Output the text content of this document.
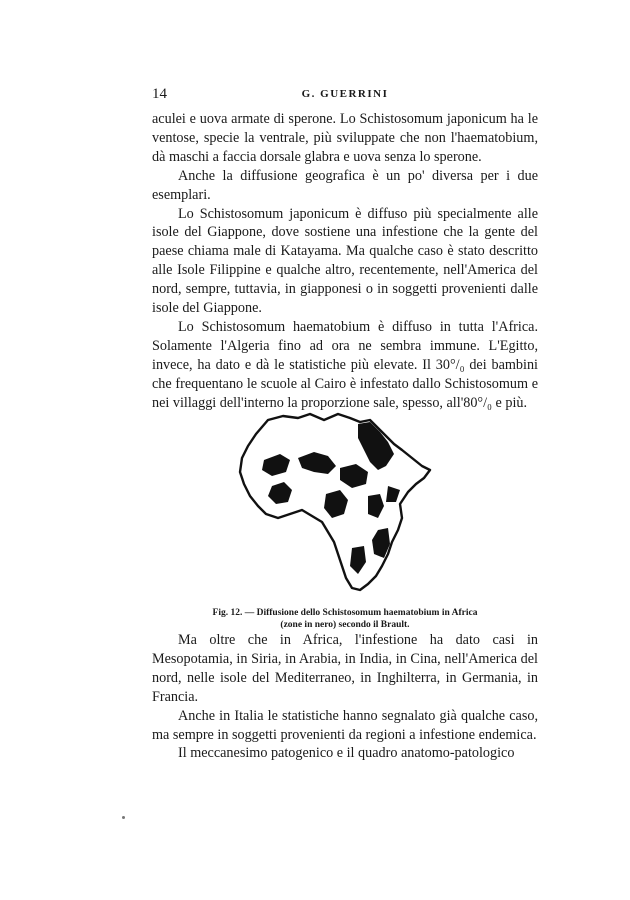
14	G. GUERRINI

aculei e uova armate di sperone. Lo Schistosomum japonicum ha le ventose, specie la ventrale, più sviluppate che non l'haematobium, dà maschi a faccia dorsale glabra e uova senza lo sperone.

Anche la diffusione geografica è un po' diversa per i due esemplari.

Lo Schistosomum japonicum è diffuso più specialmente alle isole del Giappone, dove sostiene una infestione che la gente del paese chiama male di Katayama. Ma qualche caso è stato descritto alle Isole Filippine e qualche altro, recentemente, nell'America del nord, sempre, tuttavia, in giapponesi o in soggetti provenienti dalle isole del Giappone.

Lo Schistosomum haematobium è diffuso in tutta l'Africa. Solamente l'Algeria fino ad ora ne sembra immune. L'Egitto, invece, ha dato e dà le statistiche più elevate. Il 30°/₀ dei bambini che frequentano le scuole al Cairo è infestato dallo Schistosomum e nei villaggi dell'interno la proporzione sale, spesso, all'80°/₀ e più.

Fig. 12. — Diffusione dello Schistosomum haematobium in Africa
(zone in nero) secondo il Brault.

Ma oltre che in Africa, l'infestione ha dato casi in Mesopotamia, in Siria, in Arabia, in India, in Cina, nell'America del nord, nelle isole del Mediterraneo, in Inghilterra, in Germania, in Francia.

Anche in Italia le statistiche hanno segnalato già qualche caso, ma sempre in soggetti provenienti da regioni a infestione endemica.

Il meccanesimo patogenico e il quadro anatomo-patologico
